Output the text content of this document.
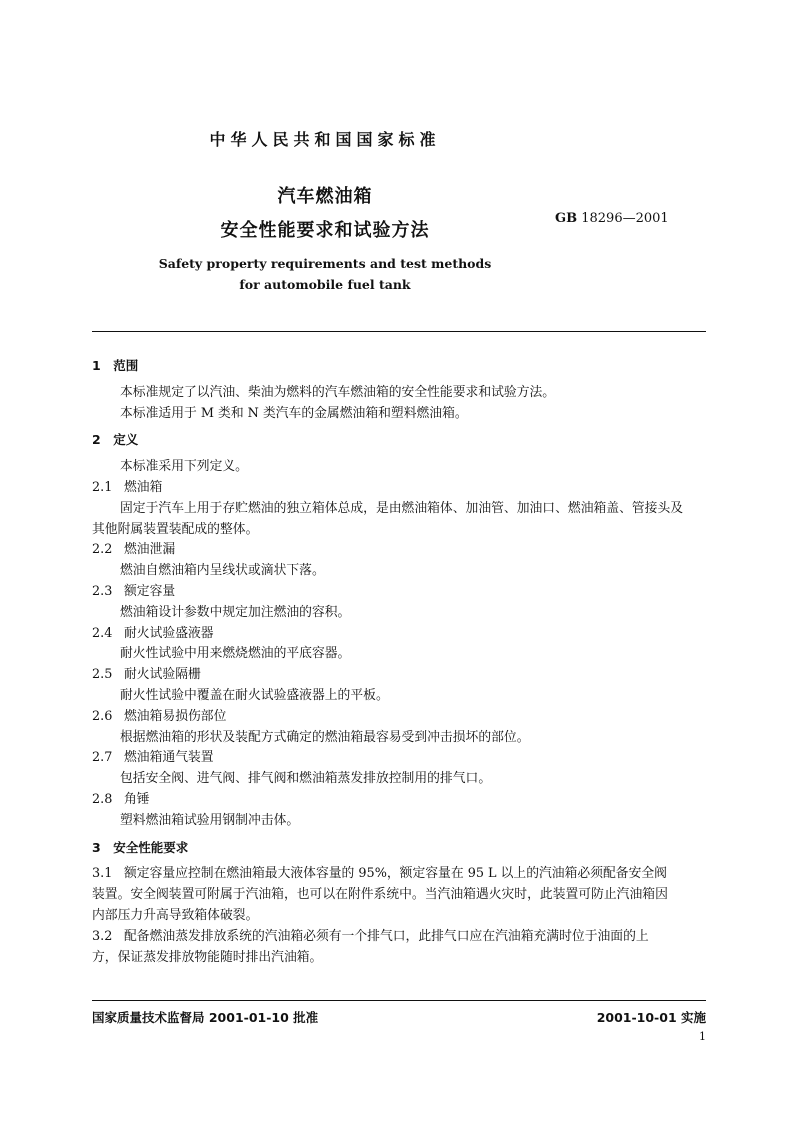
中华人民共和国国家标准
汽车燃油箱
安全性能要求和试验方法
GB 18296—2001
Safety property requirements and test methods
for automobile fuel tank

1　范围

本标准规定了以汽油、柴油为燃料的汽车燃油箱的安全性能要求和试验方法。

本标准适用于 M 类和 N 类汽车的金属燃油箱和塑料燃油箱。

2　定义

本标准采用下列定义。

2.1 燃油箱

固定于汽车上用于存贮燃油的独立箱体总成，是由燃油箱体、加油管、加油口、燃油箱盖、管接头及

其他附属装置装配成的整体。

2.2 燃油泄漏

燃油自燃油箱内呈线状或滴状下落。

2.3 额定容量

燃油箱设计参数中规定加注燃油的容积。

2.4 耐火试验盛液器

耐火性试验中用来燃烧燃油的平底容器。

2.5 耐火试验隔栅

耐火性试验中覆盖在耐火试验盛液器上的平板。

2.6 燃油箱易损伤部位

根据燃油箱的形状及装配方式确定的燃油箱最容易受到冲击损坏的部位。

2.7 燃油箱通气装置

包括安全阀、进气阀、排气阀和燃油箱蒸发排放控制用的排气口。

2.8 角锤

塑料燃油箱试验用钢制冲击体。

3　安全性能要求

3.1 额定容量应控制在燃油箱最大液体容量的 95%，额定容量在 95 L 以上的汽油箱必须配备安全阀

装置。安全阀装置可附属于汽油箱，也可以在附件系统中。当汽油箱遇火灾时，此装置可防止汽油箱因

内部压力升高导致箱体破裂。

3.2 配备燃油蒸发排放系统的汽油箱必须有一个排气口，此排气口应在汽油箱充满时位于油面的上

方，保证蒸发排放物能随时排出汽油箱。

国家质量技术监督局 2001-01-10 批准	2001-10-01 实施
1
